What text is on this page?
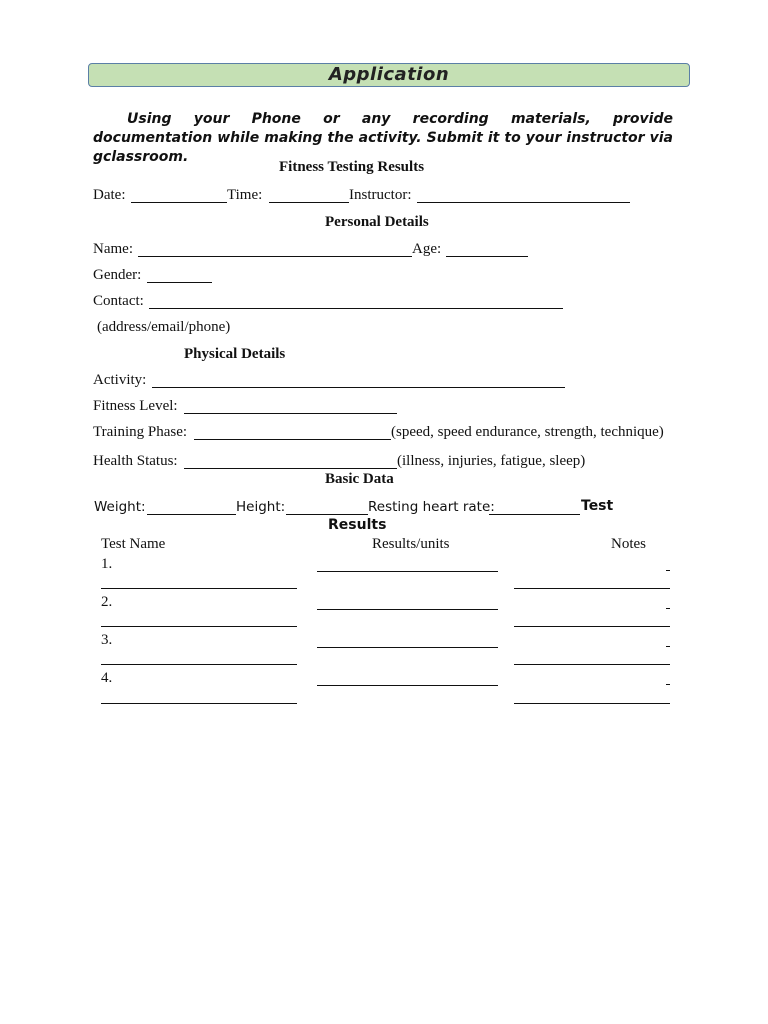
Application

Using your Phone or any recording materials, provide documentation while making the activity. Submit it to your instructor via gclassroom.

Fitness Testing Results
Date:	Time:	Instructor:
Personal Details
Name:	Age:
Gender:
Contact:
(address/email/phone)
Physical Details
Activity:
Fitness Level:
Training Phase:	(speed, speed endurance, strength, technique)
Health Status:	(illness, injuries, fatigue, sleep)
Basic Data
Weight:	Height:	Resting heart rate:	Test
Results
Test Name	Results/units	Notes
1.
2.
3.
4.
